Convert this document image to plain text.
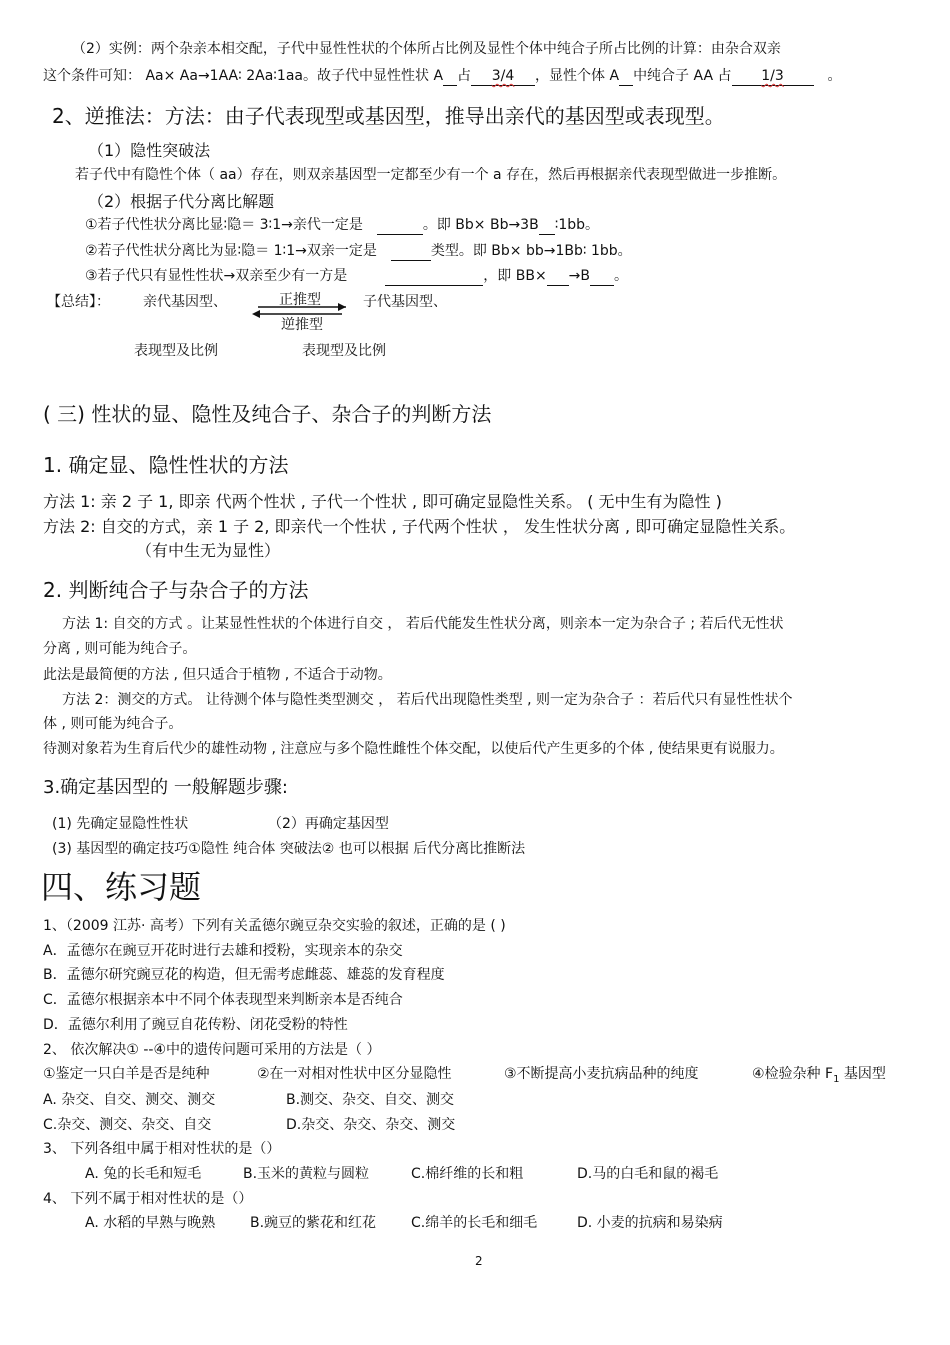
（2）实例：两个杂亲本相交配，子代中显性性状的个体所占比例及显性个体中纯合子所占比例的计算：由杂合双亲
这个条件可知： Aa× Aa→1AA∶ 2Aa∶1aa。故子代中显性性状 A 占 3/4 ，显性个体 A 中纯合子 AA 占 1/3	。
2、逆推法：方法：由子代表现型或基因型，推导出亲代的基因型或表现型。
（1）隐性突破法
若子代中有隐性个体（ aa）存在，则双亲基因型一定都至少有一个 a 存在，然后再根据亲代表现型做进一步推断。
（2）根据子代分离比解题
①若子代性状分离比显∶隐＝ 3∶1→亲代一定是	。即 Bb× Bb→3B ∶1bb。
②若子代性状分离比为显∶隐＝ 1∶1→双亲一定是	类型。即 Bb× bb→1Bb∶ 1bb。
③若子代只有显性性状→双亲至少有一方是	，即 BB× →B 。
【总结】： 亲代基因型、	正推型	子代基因型、
逆推型
表现型及比例	表现型及比例
( 三) 性状的显、隐性及纯合子、杂合子的判断方法
1. 确定显、隐性性状的方法
方法 1: 亲 2 子 1, 即亲 代两个性状 , 子代一个性状 , 即可确定显隐性关系。 ( 无中生有为隐性 )
方法 2: 自交的方式，亲 1 子 2, 即亲代一个性状 , 子代两个性状 ， 发生性状分离 , 即可确定显隐性关系。
（有中生无为显性）
2. 判断纯合子与杂合子的方法
方法 1: 自交的方式 。让某显性性状的个体进行自交 ， 若后代能发生性状分离，则亲本一定为杂合子 ; 若后代无性状
分离 , 则可能为纯合子。
此法是最简便的方法 , 但只适合于植物 , 不适合于动物。
方法 2：测交的方式。 让待测个体与隐性类型测交 ， 若后代出现隐性类型 , 则一定为杂合子 ：若后代只有显性性状个
体 , 则可能为纯合子。
待测对象若为生育后代少的雄性动物 , 注意应与多个隐性雌性个体交配，以使后代产生更多的个体 , 使结果更有说服力。
3.确定基因型的 一般解题步骤:
(1) 先确定显隐性性状	（2）再确定基因型
(3) 基因型的确定技巧①隐性 纯合体 突破法② 也可以根据 后代分离比推断法
四、练习题
1、（2009 江苏· 高考）下列有关孟德尔豌豆杂交实验的叙述，正确的是 ( )
A．孟德尔在豌豆开花时进行去雄和授粉，实现亲本的杂交
B．孟德尔研究豌豆花的构造，但无需考虑雌蕊、雄蕊的发育程度
C．孟德尔根据亲本中不同个体表现型来判断亲本是否纯合
D．孟德尔利用了豌豆自花传粉、闭花受粉的特性
2、 依次解决① --④中的遗传问题可采用的方法是（ ）
①鉴定一只白羊是否是纯种	②在一对相对性状中区分显隐性	③不断提高小麦抗病品种的纯度	④检验杂种 $F_1$ 基因型
A. 杂交、自交、测交、测交	B.测交、杂交、自交、测交
C.杂交、测交、杂交、自交	D.杂交、杂交、杂交、测交
3、 下列各组中属于相对性状的是（）
A. 兔的长毛和短毛	B.玉米的黄粒与圆粒	C.棉纤维的长和粗	D.马的白毛和鼠的褐毛
4、 下列不属于相对性状的是（）
A. 水稻的早熟与晚熟 B.豌豆的紫花和红花 C.绵羊的长毛和细毛	D. 小麦的抗病和易染病
2
